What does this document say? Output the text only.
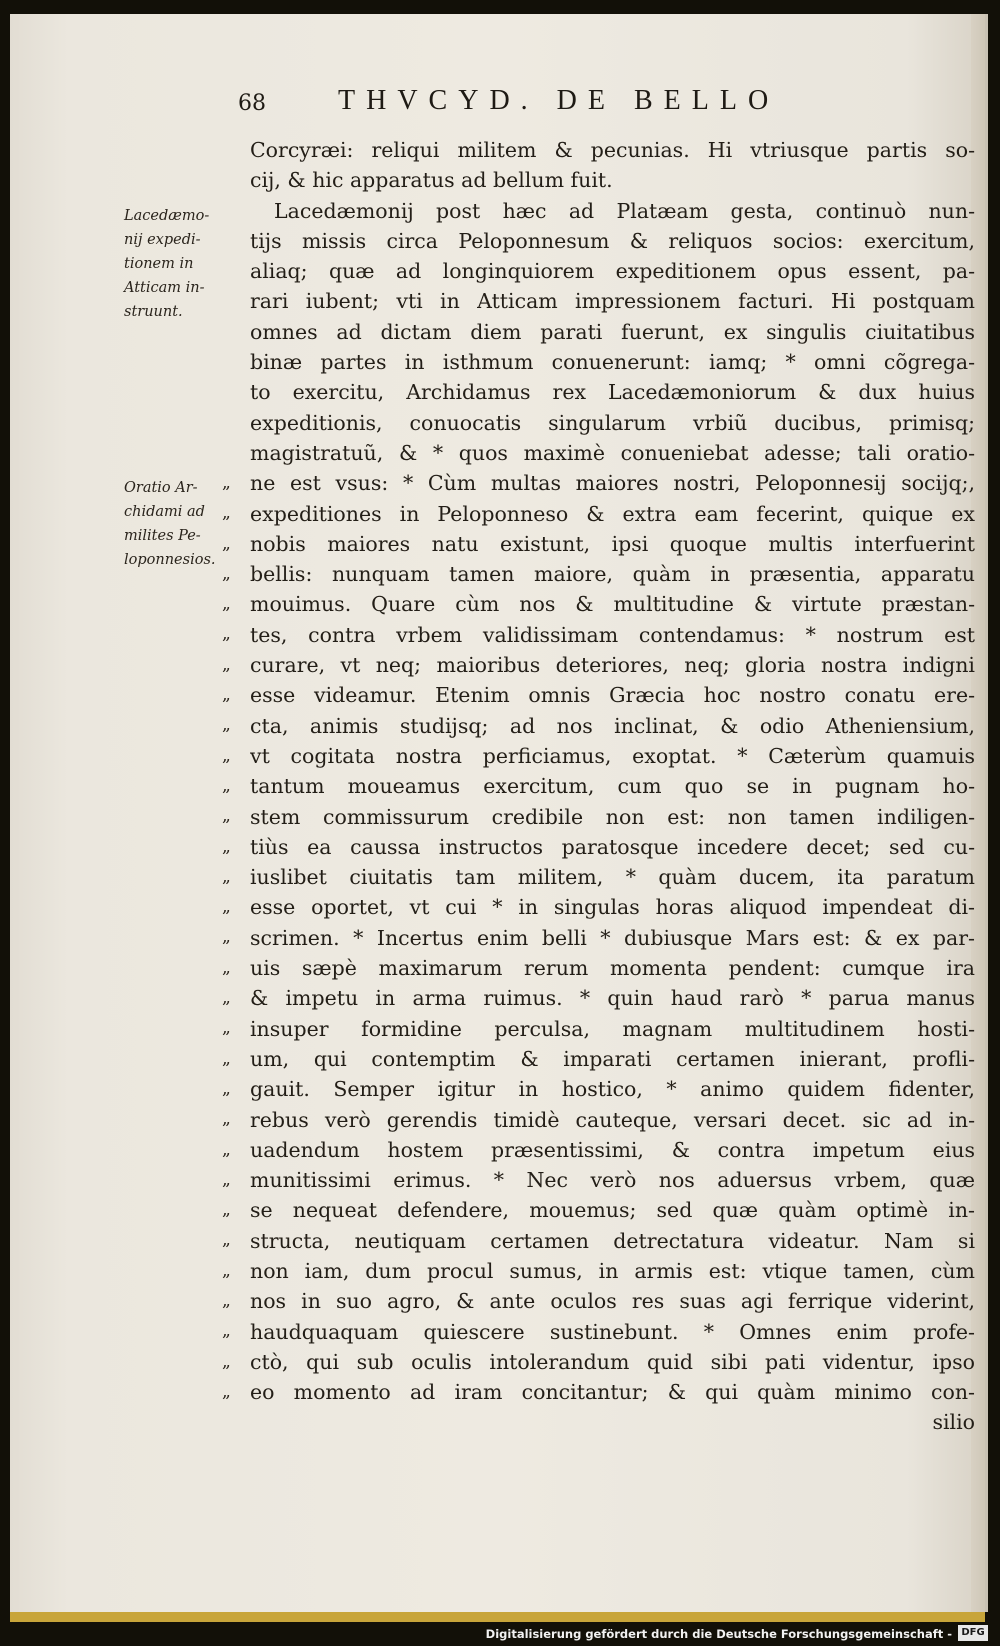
68	THVCYD. DE BELLO
Lacedæmo-
nij expedi-
tionem in
Atticam in-
struunt.
Oratio Ar-
chidami ad
milites Pe-
loponnesios.
„
„
„
„
„
„
„
„
„
„
„
„
„
„
„
„
„
„
„
„
„
„
„
„
„
„
„
„
„
„
„
Corcyræi: reliqui militem & pecunias. Hi vtriusque partis so-
cij, & hic apparatus ad bellum fuit.
Lacedæmonij post hæc ad Platæam gesta, continuò nun-
tijs missis circa Peloponnesum & reliquos socios: exercitum,
aliaq; quæ ad longinquiorem expeditionem opus essent, pa-
rari iubent; vti in Atticam impressionem facturi. Hi postquam
omnes ad dictam diem parati fuerunt, ex singulis ciuitatibus
binæ partes in isthmum conuenerunt: iamq; * omni cõgrega-
to exercitu, Archidamus rex Lacedæmoniorum & dux huius
expeditionis, conuocatis singularum vrbiũ ducibus, primisq;
magistratuũ, & * quos maximè conueniebat adesse; tali oratio-
ne est vsus: * Cùm multas maiores nostri, Peloponnesij socijq;,
expeditiones in Peloponneso & extra eam fecerint, quique ex
nobis maiores natu existunt, ipsi quoque multis interfuerint
bellis: nunquam tamen maiore, quàm in præsentia, apparatu
mouimus. Quare cùm nos & multitudine & virtute præstan-
tes, contra vrbem validissimam contendamus: * nostrum est
curare, vt neq; maioribus deteriores, neq; gloria nostra indigni
esse videamur. Etenim omnis Græcia hoc nostro conatu ere-
cta, animis studijsq; ad nos inclinat, & odio Atheniensium,
vt cogitata nostra perficiamus, exoptat. * Cæterùm quamuis
tantum moueamus exercitum, cum quo se in pugnam ho-
stem commissurum credibile non est: non tamen indiligen-
tiùs ea caussa instructos paratosque incedere decet; sed cu-
iuslibet ciuitatis tam militem, * quàm ducem, ita paratum
esse oportet, vt cui * in singulas horas aliquod impendeat di-
scrimen. * Incertus enim belli * dubiusque Mars est: & ex par-
uis sæpè maximarum rerum momenta pendent: cumque ira
& impetu in arma ruimus. * quin haud rarò * parua manus
insuper formidine perculsa, magnam multitudinem hosti-
um, qui contemptim & imparati certamen inierant, profli-
gauit. Semper igitur in hostico, * animo quidem fidenter,
rebus verò gerendis timidè cauteque, versari decet. sic ad in-
uadendum hostem præsentissimi, & contra impetum eius
munitissimi erimus. * Nec verò nos aduersus vrbem, quæ
se nequeat defendere, mouemus; sed quæ quàm optimè in-
structa, neutiquam certamen detrectatura videatur. Nam si
non iam, dum procul sumus, in armis est: vtique tamen, cùm
nos in suo agro, & ante oculos res suas agi ferrique viderint,
haudquaquam quiescere sustinebunt. * Omnes enim profe-
ctò, qui sub oculis intolerandum quid sibi pati videntur, ipso
eo momento ad iram concitantur; & qui quàm minimo con-
silio
Digitalisierung gefördert durch die Deutsche Forschungsgemeinschaft - DFG
